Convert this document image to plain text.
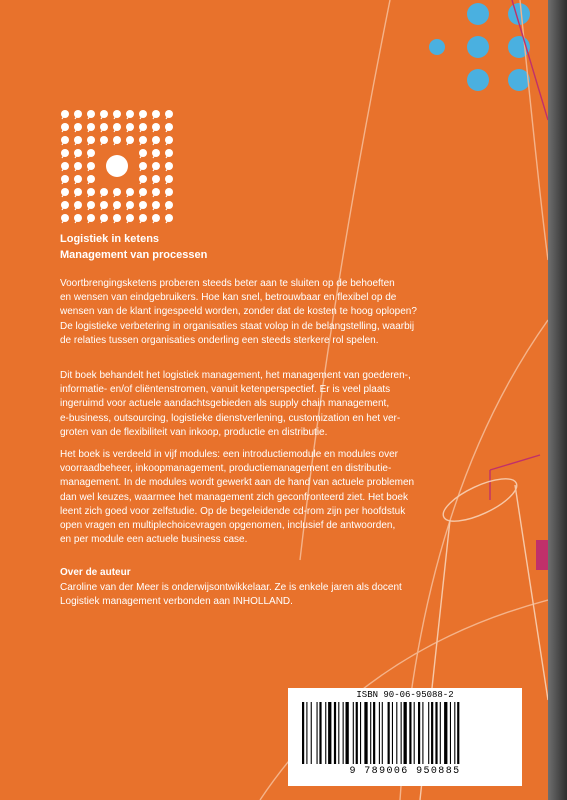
Logistiek in ketens
Management van processen

Voortbrengingsketens proberen steeds beter aan te sluiten op de behoeften
en wensen van eindgebruikers. Hoe kan snel, betrouwbaar en flexibel op de
wensen van de klant ingespeeld worden, zonder dat de kosten te hoog oplopen?
De logistieke verbetering in organisaties staat volop in de belangstelling, waarbij
de relaties tussen organisaties onderling een steeds sterkere rol spelen.

Dit boek behandelt het logistiek management, het management van goederen-,
informatie- en/of cliëntenstromen, vanuit ketenperspectief. Er is veel plaats
ingeruimd voor actuele aandachtsgebieden als supply chain management,
e-business, outsourcing, logistieke dienstverlening, customization en het ver-
groten van de flexibiliteit van inkoop, productie en distributie.

Het boek is verdeeld in vijf modules: een introductiemodule en modules over
voorraadbeheer, inkoopmanagement, productiemanagement en distributie-
management. In de modules wordt gewerkt aan de hand van actuele problemen
dan wel keuzes, waarmee het management zich geconfronteerd ziet. Het boek
leent zich goed voor zelfstudie. Op de begeleidende cd-rom zijn per hoofdstuk
open vragen en multiplechoicevragen opgenomen, inclusief de antwoorden,
en per module een actuele business case.

Over de auteur

Caroline van der Meer is onderwijsontwikkelaar. Ze is enkele jaren als docent
Logistiek management verbonden aan INHOLLAND.

ISBN 90-06-95088-2
9 789006 950885
